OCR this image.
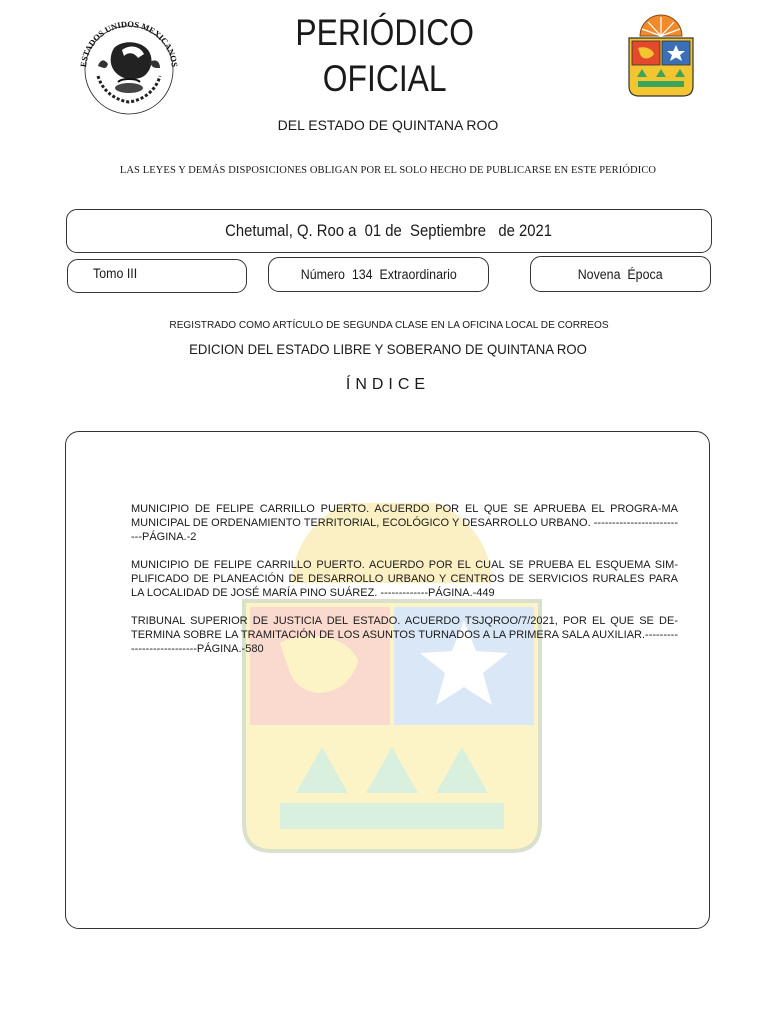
ESTADOS UNIDOS MEXICANOS
PERIÓDICO
OFICIAL
DEL ESTADO DE QUINTANA ROO
LAS LEYES Y DEMÁS DISPOSICIONES OBLIGAN POR EL SOLO HECHO DE PUBLICARSE EN ESTE PERIÓDICO
Chetumal, Q. Roo a  01 de  Septiembre   de 2021
Tomo III	Número  134  Extraordinario	Novena  Época
REGISTRADO COMO ARTÍCULO DE SEGUNDA CLASE EN LA OFICINA LOCAL DE CORREOS
EDICION DEL ESTADO LIBRE Y SOBERANO DE QUINTANA ROO
ÍNDICE
MUNICIPIO DE FELIPE CARRILLO PUERTO. ACUERDO POR EL QUE SE APRUEBA EL PROGRA-MA MUNICIPAL DE ORDENAMIENTO TERRITORIAL, ECOLÓGICO Y DESARROLLO URBANO. --------------------------PÁGINA.-2
MUNICIPIO DE FELIPE CARRILLO PUERTO. ACUERDO POR EL CUAL SE PRUEBA EL ESQUEMA SIM-PLIFICADO DE PLANEACIÓN DE DESARROLLO URBANO Y CENTROS DE SERVICIOS RURALES PARA LA LOCALIDAD DE JOSÉ MARÍA PINO SUÁREZ. -------------PÁGINA.-449
TRIBUNAL SUPERIOR DE JUSTICIA DEL ESTADO. ACUERDO TSJQROO/7/2021, POR EL QUE SE DE-TERMINA SOBRE LA TRAMITACIÓN DE LOS ASUNTOS TURNADOS A LA PRIMERA SALA AUXILIAR.---------------------------PÁGINA.-580
